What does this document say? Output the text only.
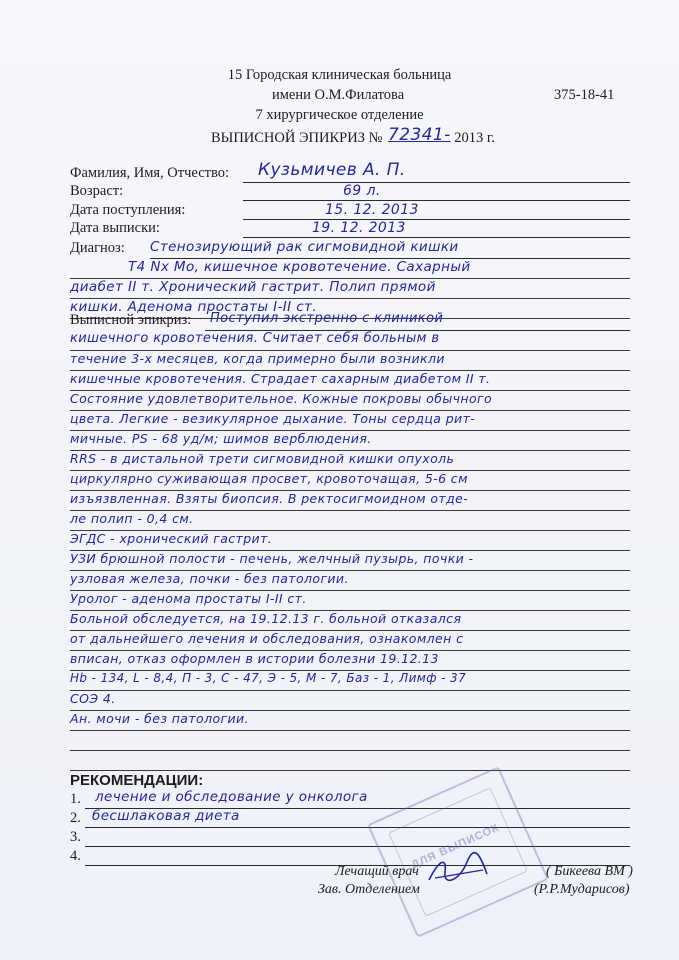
15 Городская клиническая больница
имени О.М.Филатова	375-18-41
7 хирургическое отделение
ВЫПИСНОЙ ЭПИКРИЗ № 72341- 2013 г.
Фамилия, Имя, Отчество: Кузьмичев А. П.
Возраст:	69 л.
Дата поступления:	15. 12. 2013
Дата выписки:	19. 12. 2013
Диагноз: Стенозирующий рак сигмовидной кишки
T4 Nx Mo, кишечное кровотечение. Сахарный
диабет II т. Хронический гастрит. Полип прямой
кишки. Аденома простаты I-II ст.
Выписной эпикриз: Поступил экстренно с клиникой
кишечного кровотечения. Считает себя больным в
течение 3-х месяцев, когда примерно были возникли
кишечные кровотечения. Страдает сахарным диабетом II т.
Состояние удовлетворительное. Кожные покровы обычного
цвета. Легкие - везикулярное дыхание. Тоны сердца рит-
мичные. PS - 68 уд/м; шимов верблюдения.
RRS - в дистальной трети сигмовидной кишки опухоль
циркулярно суживающая просвет, кровоточащая, 5-6 см
изъязвленная. Взяты биопсия. В ректосигмоидном отде-
ле полип - 0,4 см.
ЭГДС - хронический гастрит.
УЗИ брюшной полости - печень, желчный пузырь, почки -
узловая железа, почки - без патологии.
Уролог - аденома простаты I-II ст.
Больной обследуется, на 19.12.13 г. больной отказался
от дальнейшего лечения и обследования, ознакомлен с
вписан, отказ оформлен в истории болезни 19.12.13
Hb - 134, L - 8,4, П - 3, С - 47, Э - 5, М - 7, Баз - 1, Лимф - 37
СОЭ 4.
Ан. мочи - без патологии.
РЕКОМЕНДАЦИИ:
1. лечение и обследование у онколога
2. бесшлаковая диета
3.
4.	ДЛЯ ВЫПИСОК
Лечащий врач	( Бикеева ВМ )
Зав. Отделением	(Р.Р.Мударисов)
